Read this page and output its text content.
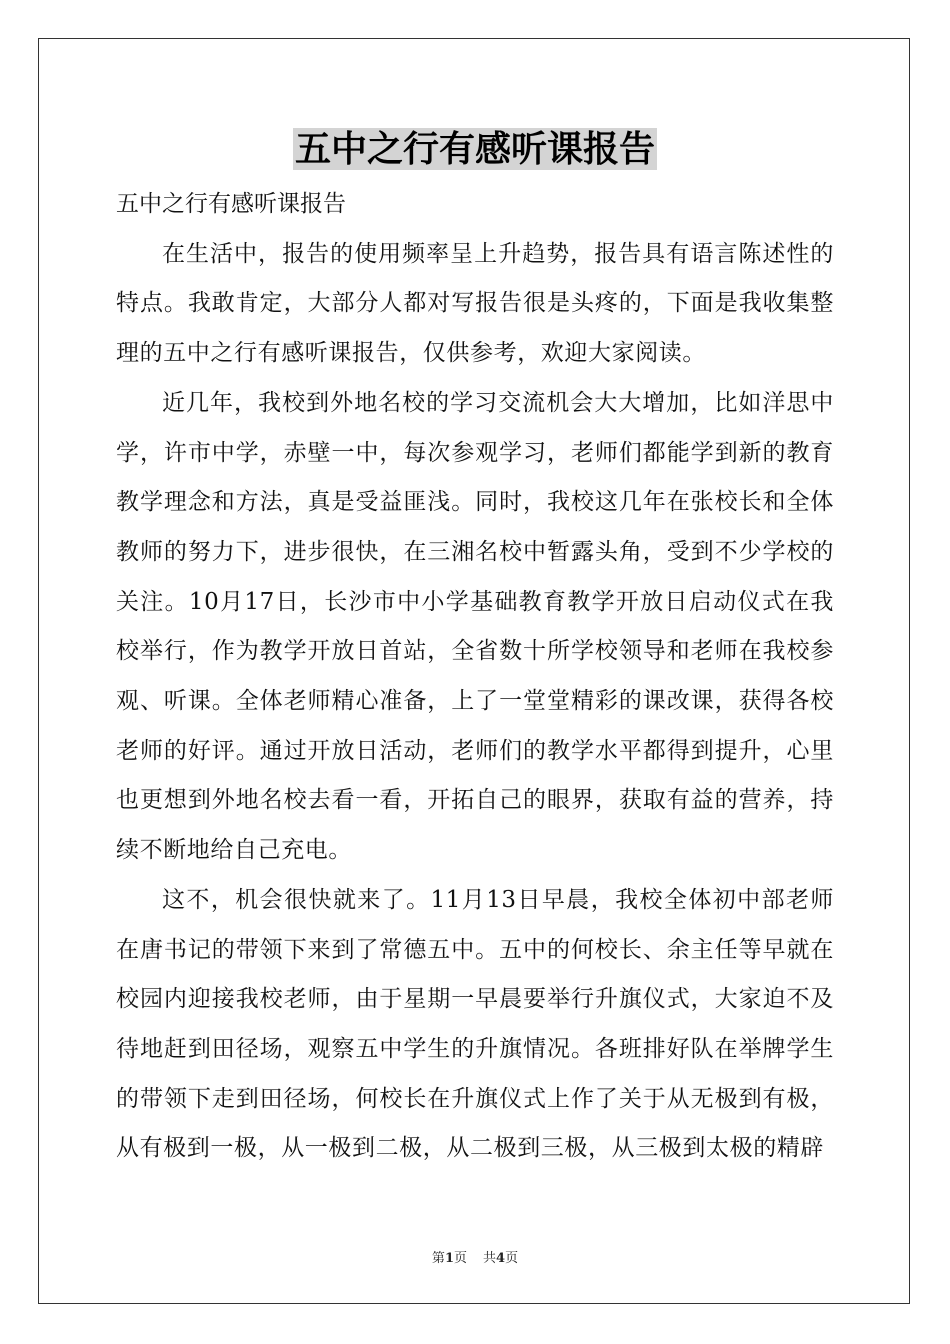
五中之行有感听课报告

五中之行有感听课报告

在生活中，报告的使用频率呈上升趋势，报告具有语言陈述性的特点。我敢肯定，大部分人都对写报告很是头疼的，下面是我收集整理的五中之行有感听课报告，仅供参考，欢迎大家阅读。

近几年，我校到外地名校的学习交流机会大大增加，比如洋思中学，许市中学，赤壁一中，每次参观学习，老师们都能学到新的教育教学理念和方法，真是受益匪浅。同时，我校这几年在张校长和全体教师的努力下，进步很快，在三湘名校中暂露头角，受到不少学校的关注。10月17日，长沙市中小学基础教育教学开放日启动仪式在我校举行，作为教学开放日首站，全省数十所学校领导和老师在我校参观、听课。全体老师精心准备，上了一堂堂精彩的课改课，获得各校老师的好评。通过开放日活动，老师们的教学水平都得到提升，心里也更想到外地名校去看一看，开拓自己的眼界，获取有益的营养，持续不断地给自己充电。

这不，机会很快就来了。11月13日早晨，我校全体初中部老师在唐书记的带领下来到了常德五中。五中的何校长、余主任等早就在校园内迎接我校老师，由于星期一早晨要举行升旗仪式，大家迫不及待地赶到田径场，观察五中学生的升旗情况。各班排好队在举牌学生的带领下走到田径场，何校长在升旗仪式上作了关于从无极到有极，从有极到一极，从一极到二极，从二极到三极，从三极到太极的精辟

第1页 共4页
